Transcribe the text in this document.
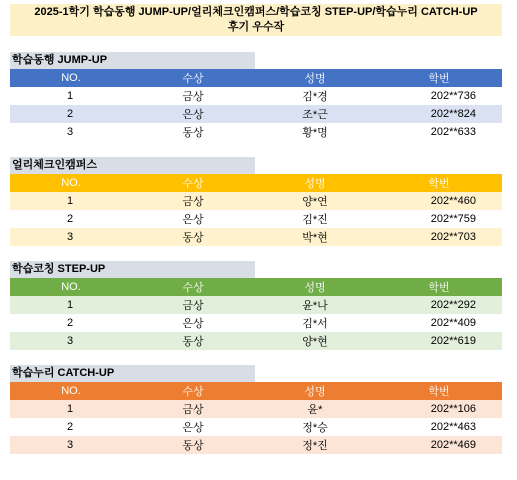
2025-1학기 학습동행 JUMP-UP/얼리체크인캠퍼스/학습코칭 STEP-UP/학습누리 CATCH-UP
후기 우수작
학습동행 JUMP-UP
NO.	수상	성명	학번
1	금상	김*경	202**736
2	은상	조*근	202**824
3	동상	황*명	202**633
얼리체크인캠퍼스
NO.	수상	성명	학번
1	금상	양*연	202**460
2	은상	김*진	202**759
3	동상	박*현	202**703
학습코칭 STEP-UP
NO.	수상	성명	학번
1	금상	윤*나	202**292
2	은상	김*서	202**409
3	동상	양*현	202**619
학습누리 CATCH-UP
NO.	수상	성명	학번
1	금상	윤*	202**106
2	은상	정*승	202**463
3	동상	정*진	202**469
